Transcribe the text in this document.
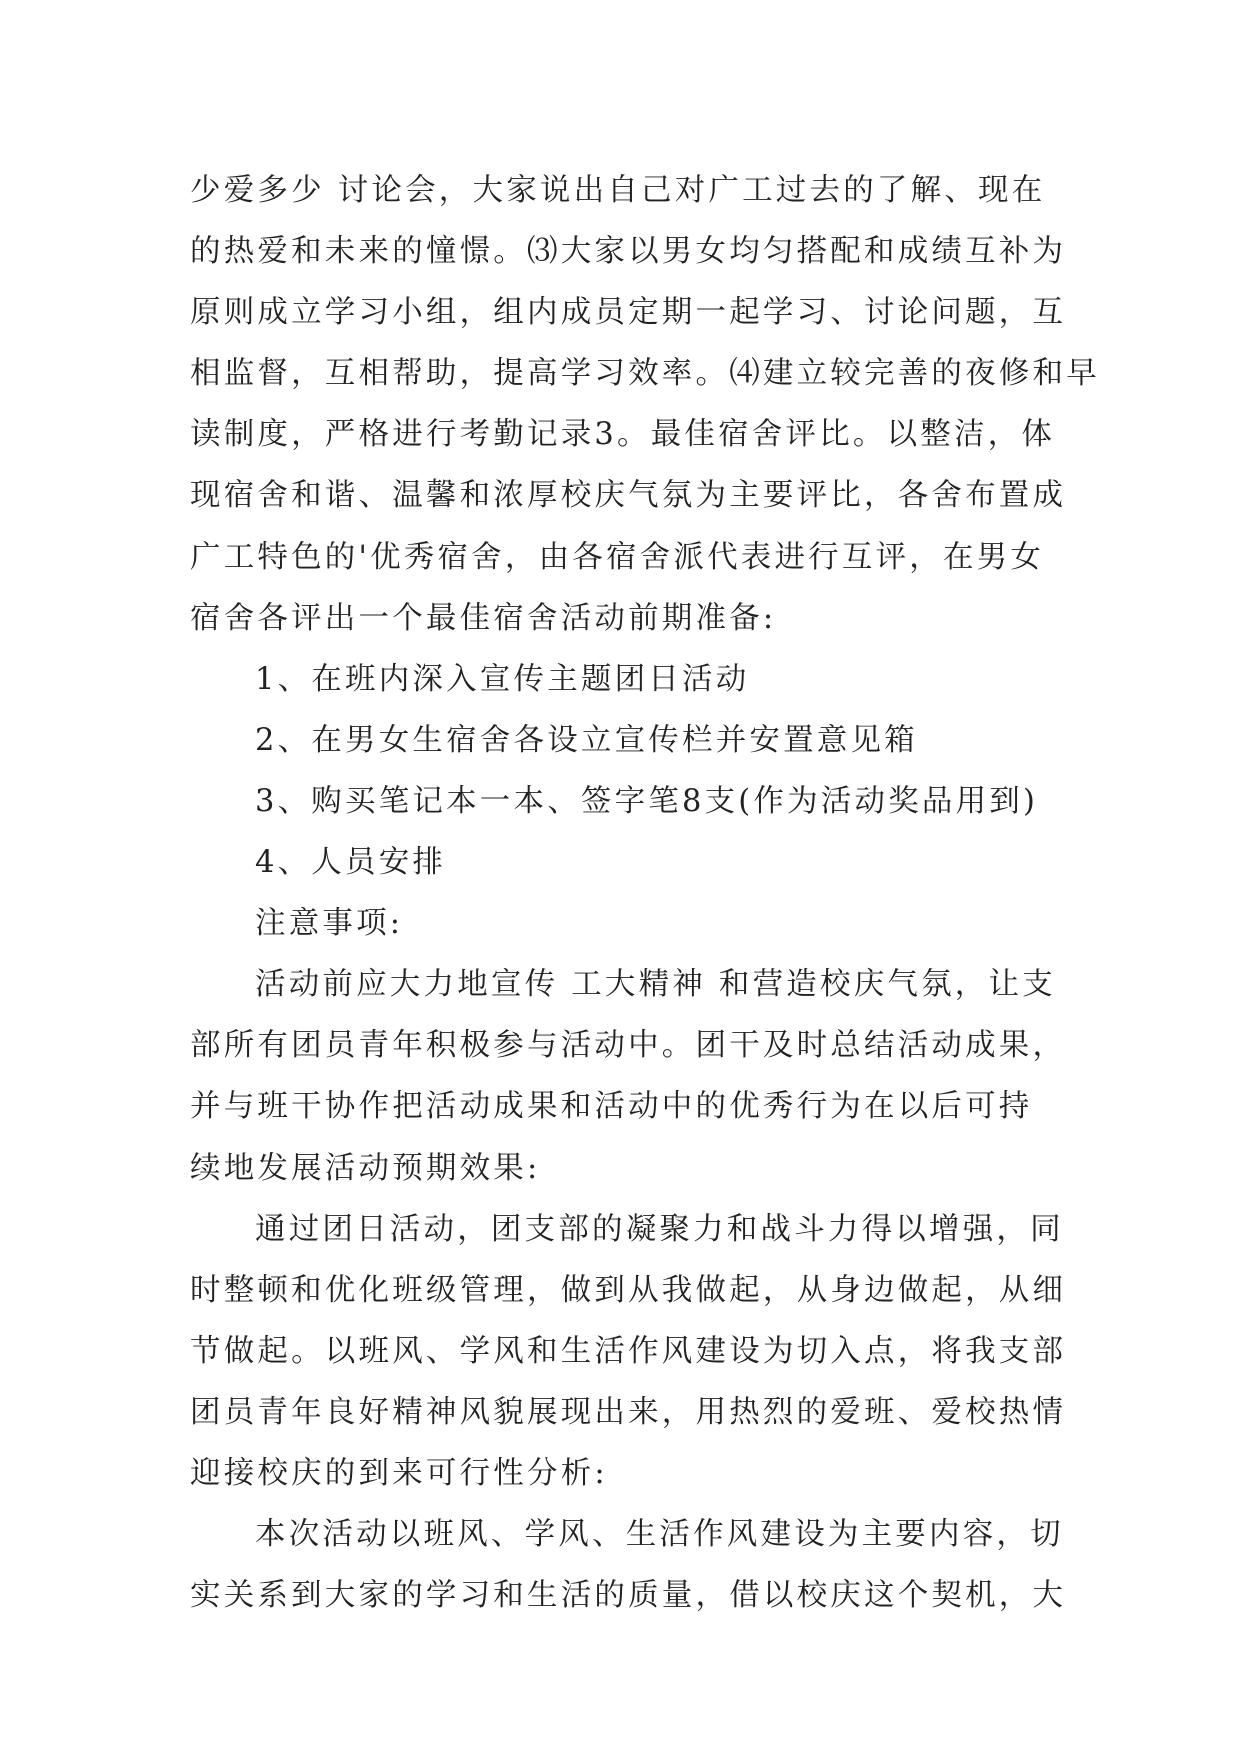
少爱多少 讨论会，大家说出自己对广工过去的了解、现在
的热爱和未来的憧憬。⑶大家以男女均匀搭配和成绩互补为
原则成立学习小组，组内成员定期一起学习、讨论问题，互
相监督，互相帮助，提高学习效率。⑷建立较完善的夜修和早
读制度，严格进行考勤记录3。最佳宿舍评比。以整洁，体
现宿舍和谐、温馨和浓厚校庆气氛为主要评比，各舍布置成
广工特色的'优秀宿舍，由各宿舍派代表进行互评，在男女
宿舍各评出一个最佳宿舍活动前期准备:
1、在班内深入宣传主题团日活动
2、在男女生宿舍各设立宣传栏并安置意见箱
3、购买笔记本一本、签字笔8支(作为活动奖品用到)
4、人员安排
注意事项:
活动前应大力地宣传 工大精神 和营造校庆气氛，让支
部所有团员青年积极参与活动中。团干及时总结活动成果，
并与班干协作把活动成果和活动中的优秀行为在以后可持
续地发展活动预期效果:
通过团日活动，团支部的凝聚力和战斗力得以增强，同
时整顿和优化班级管理，做到从我做起，从身边做起，从细
节做起。以班风、学风和生活作风建设为切入点，将我支部
团员青年良好精神风貌展现出来，用热烈的爱班、爱校热情
迎接校庆的到来可行性分析:
本次活动以班风、学风、生活作风建设为主要内容，切
实关系到大家的学习和生活的质量，借以校庆这个契机，大
